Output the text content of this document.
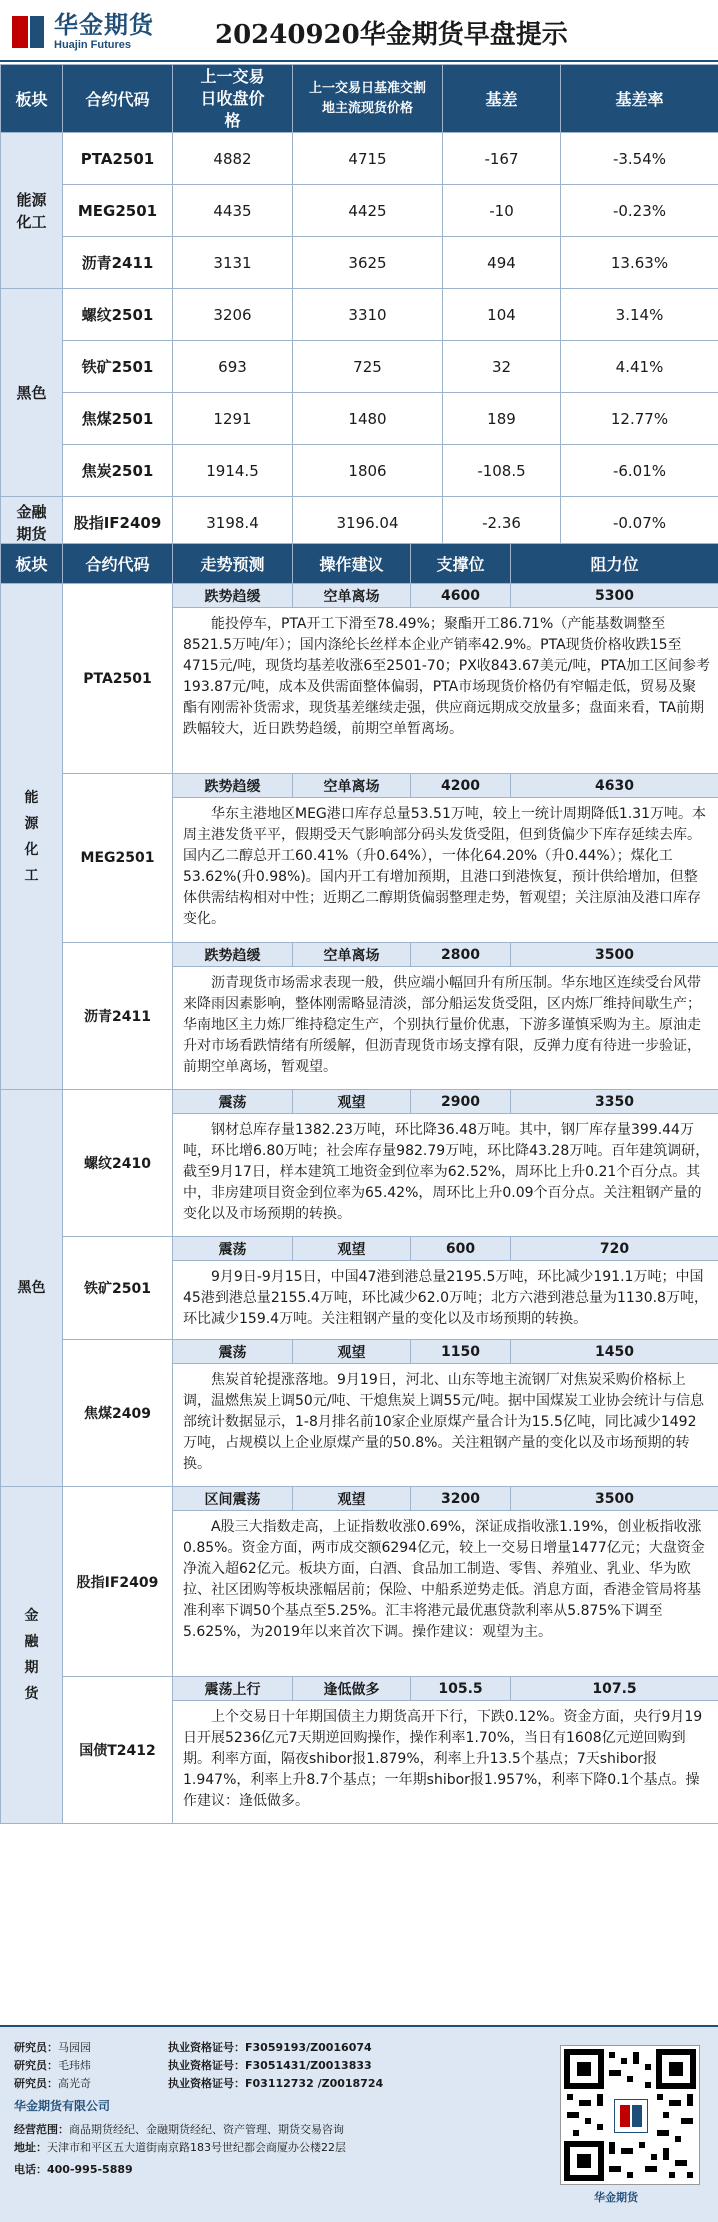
华金期货
Huajin Futures	20240920华金期货早盘提示
板块	合约代码	上一交易日收盘价格	上一交易日基准交割地主流现货价格	基差	基差率
能源化工	PTA2501	4882	4715	-167	-3.54%
	MEG2501	4435	4425	-10	-0.23%
	沥青2411	3131	3625	494	13.63%
黑色	螺纹2501	3206	3310	104	3.14%
	铁矿2501	693	725	32	4.41%
	焦煤2501	1291	1480	189	12.77%
	焦炭2501	1914.5	1806	-108.5	-6.01%
金融期货	股指IF2409	3198.4	3196.04	-2.36	-0.07%
板块	合约代码	走势预测	操作建议	支撑位	阻力位
能源化工	PTA2501	跌势趋缓	空单离场	4600	5300

		能投停车，PTA开工下滑至78.49%；聚酯开工86.71%（产能基数调整至8521.5万吨/年）；国内涤纶长丝样本企业产销率42.9%。PTA现货价格收跌15至4715元/吨，现货均基差收涨6至2501-70；PX收843.67美元/吨，PTA加工区间参考193.87元/吨，成本及供需面整体偏弱，PTA市场现货价格仍有窄幅走低，贸易及聚酯有刚需补货需求，现货基差继续走强，供应商远期成交放量多；盘面来看，TA前期跌幅较大，近日跌势趋缓，前期空单暂离场。			

	MEG2501	跌势趋缓	空单离场	4200	4630

		华东主港地区MEG港口库存总量53.51万吨，较上一统计周期降低1.31万吨。本周主港发货平平，假期受天气影响部分码头发货受阻，但到货偏少下库存延续去库。国内乙二醇总开工60.41%（升0.64%），一体化64.20%（升0.44%）；煤化工53.62%(升0.98%)。国内开工有增加预期，且港口到港恢复，预计供给增加，但整体供需结构相对中性；近期乙二醇期货偏弱整理走势，暂观望；关注原油及港口库存变化。			

	沥青2411	跌势趋缓	空单离场	2800	3500

		沥青现货市场需求表现一般，供应端小幅回升有所压制。华东地区连续受台风带来降雨因素影响，整体刚需略显清淡，部分船运发货受阻，区内炼厂维持间歇生产；华南地区主力炼厂维持稳定生产，个别执行量价优惠，下游多谨慎采购为主。原油走升对市场看跌情绪有所缓解，但沥青现货市场支撑有限，反弹力度有待进一步验证，前期空单离场，暂观望。			

黑色	螺纹2410	震荡	观望	2900	3350

		钢材总库存量1382.23万吨，环比降36.48万吨。其中，钢厂库存量399.44万吨，环比增6.80万吨；社会库存量982.79万吨，环比降43.28万吨。百年建筑调研，截至9月17日，样本建筑工地资金到位率为62.52%，周环比上升0.21个百分点。其中，非房建项目资金到位率为65.42%，周环比上升0.09个百分点。关注粗钢产量的变化以及市场预期的转换。			

	铁矿2501	震荡	观望	600	720

		9月9日-9月15日，中国47港到港总量2195.5万吨，环比减少191.1万吨；中国45港到港总量2155.4万吨，环比减少62.0万吨；北方六港到港总量为1130.8万吨，环比减少159.4万吨。关注粗钢产量的变化以及市场预期的转换。			

	焦煤2409	震荡	观望	1150	1450

		焦炭首轮提涨落地。9月19日，河北、山东等地主流钢厂对焦炭采购价格标上调，温燃焦炭上调50元/吨、干熄焦炭上调55元/吨。据中国煤炭工业协会统计与信息部统计数据显示，1-8月排名前10家企业原煤产量合计为15.5亿吨，同比减少1492万吨，占规模以上企业原煤产量的50.8%。关注粗钢产量的变化以及市场预期的转换。			

金融期货	股指IF2409	区间震荡	观望	3200	3500

		A股三大指数走高，上证指数收涨0.69%，深证成指收涨1.19%，创业板指收涨0.85%。资金方面，两市成交额6294亿元，较上一交易日增量1477亿元；大盘资金净流入超62亿元。板块方面，白酒、食品加工制造、零售、养殖业、乳业、华为欧拉、社区团购等板块涨幅居前；保险、中船系逆势走低。消息方面，香港金管局将基准利率下调50个基点至5.25%。汇丰将港元最优惠贷款利率从5.875%下调至5.625%，为2019年以来首次下调。操作建议：观望为主。			

	国债T2412	震荡上行	逢低做多	105.5	107.5

		上个交易日十年期国债主力期货高开下行，下跌0.12%。资金方面，央行9月19日开展5236亿元7天期逆回购操作，操作利率1.70%，当日有1608亿元逆回购到期。利率方面，隔夜shibor报1.879%，利率上升13.5个基点；7天shibor报1.947%，利率上升8.7个基点；一年期shibor报1.957%，利率下降0.1个基点。操作建议：逢低做多。			
研究员：马园园	执业资格证号：F3059193/Z0016074
研究员：毛玮炜	执业资格证号：F3051431/Z0013833
研究员：高光奇	执业资格证号：F03112732 /Z0018724
华金期货有限公司
经营范围：商品期货经纪、金融期货经纪、资产管理、期货交易咨询
地址：天津市和平区五大道街南京路183号世纪都会商厦办公楼22层
电话：400-995-5889
华金期货
